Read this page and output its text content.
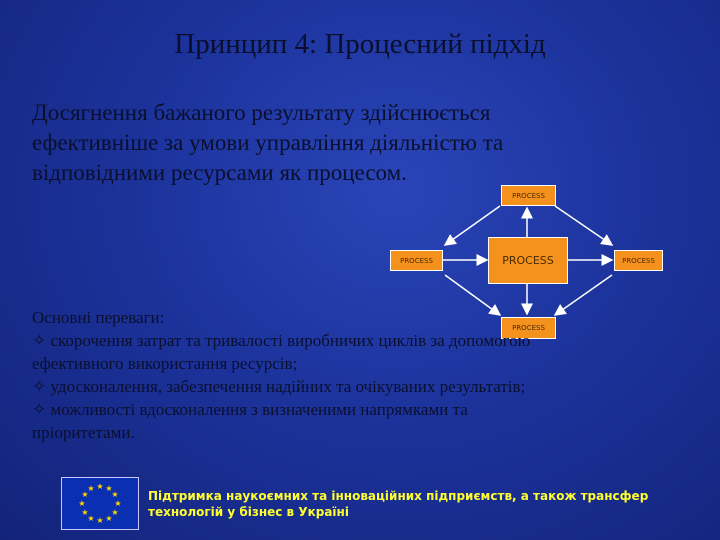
Принцип 4: Процесний підхід
Досягнення бажаного результату здійснюється
ефективніше за умови управління діяльністю та
відповідними ресурсами як процесом.
PROCESS
PROCESS	PROCESS	PROCESS
PROCESS
Основні переваги:
✧ скорочення затрат та тривалості виробничих циклів за допомогою
ефективного використання ресурсів;
✧ удосконалення, забезпечення надійних та очікуваних результатів;
✧ можливості вдосконалення з визначеними напрямками та
пріоритетами.
★ ★
★
★
★
★
★
★
★
★
★
★
Підтримка наукоємних та інноваційних підприємств, а також трансфер
технологій у бізнес в Україні
